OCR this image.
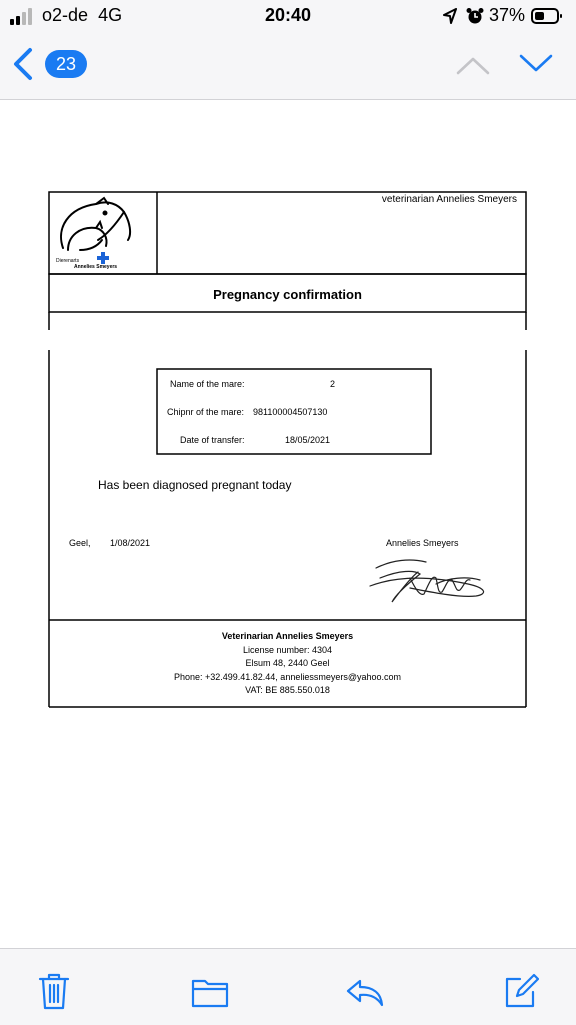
o2-de 4G	20:40	37%
23
Dierenarts
Annelies Smeyers
veterinarian Annelies Smeyers
Pregnancy confirmation
Name of the mare:	2
Chipnr of the mare: 981100004507130
Date of transfer:	18/05/2021
Has been diagnosed pregnant today
Geel, 1/08/2021	Annelies Smeyers
Veterinarian Annelies Smeyers
License number: 4304
Elsum 48, 2440 Geel
Phone: +32.499.41.82.44, anneliessmeyers@yahoo.com
VAT: BE 885.550.018
